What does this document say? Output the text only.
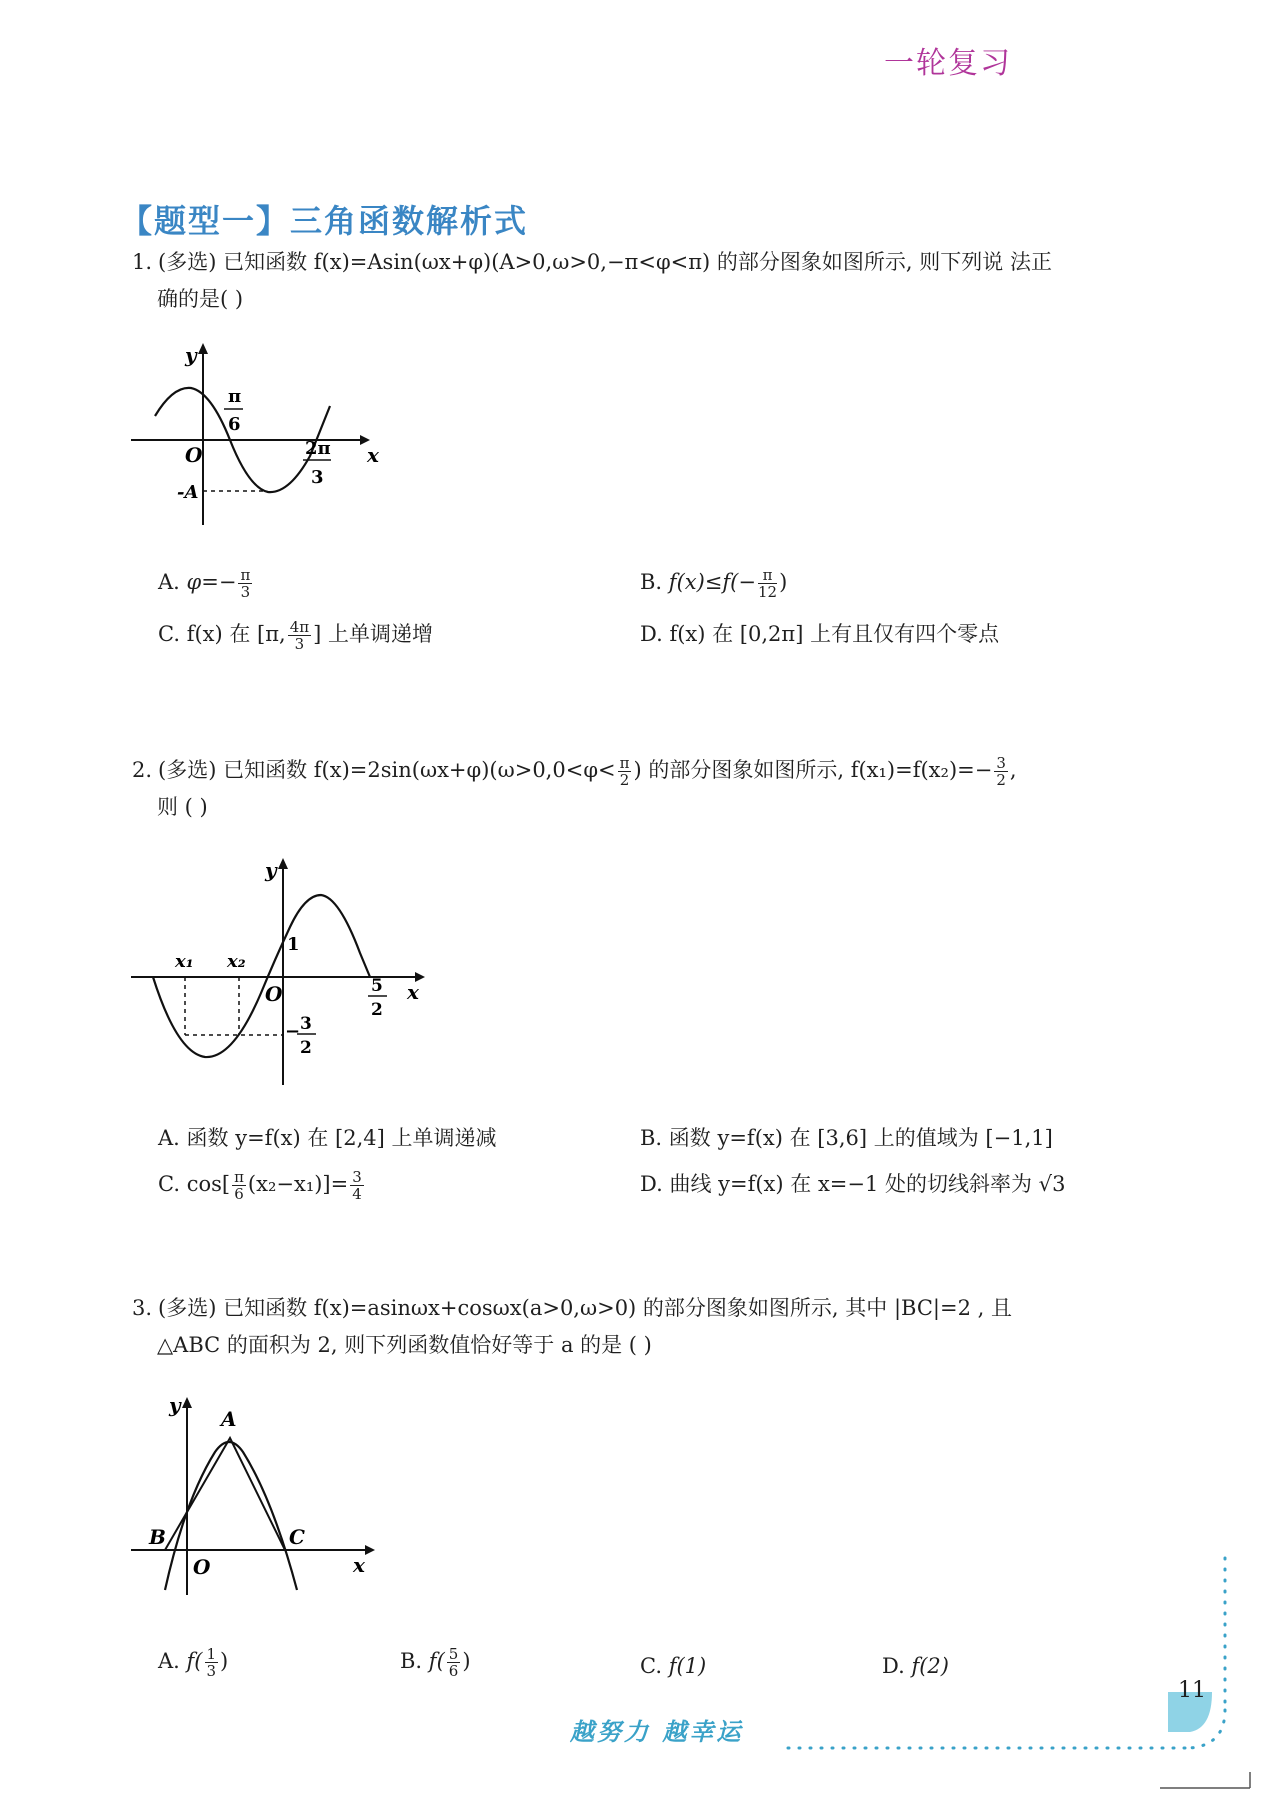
一轮复习
【题型一】三角函数解析式
1. (多选) 已知函数 f(x)=Asin(ωx+φ)(A>0,ω>0,−π<φ<π) 的部分图象如图所示, 则下列说 法正
确的是( )
y
x
O
π
6
2π
3
-A
A. $\varphi=- \frac{\pi}{3}$	B. $f(x)\le f(- \frac{\pi}{12}$ )
C. f(x) 在 [π, $\frac{4\pi}{3}$ ] 上单调递增	D. f(x) 在 [0,2π] 上有且仅有四个零点
2. (多选) 已知函数 $f(x)=2\sin(\omega x+\varphi)(\omega>0,0<\varphi< \frac{\pi}{2}$ ) 的部分图象如图所示, $f(x_1)=f(x_2)=- \frac{3}{2}$ ,
则 ( )
y
x
O
x₁ x₂
1
5
2
− 3
2
A. 函数 y=f(x) 在 [2,4] 上单调递减	B. 函数 y=f(x) 在 [3,6] 上的值域为 [−1,1]
C. $\cos[ \frac{\pi}{6} (x_2-x_1)]= \frac{3}{4}$	D. 曲线 y=f(x) 在 x=−1 处的切线斜率为 √3
3. (多选) 已知函数 f(x)=asinωx+cosωx(a>0,ω>0) 的部分图象如图所示, 其中 |BC|=2 , 且
△ABC 的面积为 2, 则下列函数值恰好等于 a 的是 ( )
y
x
O
A
B	C
A. $f( \frac{1}{3}$ )	B. $f( \frac{5}{6}$ )	C. f(1)	D. f(2)
11
越努力 越幸运
